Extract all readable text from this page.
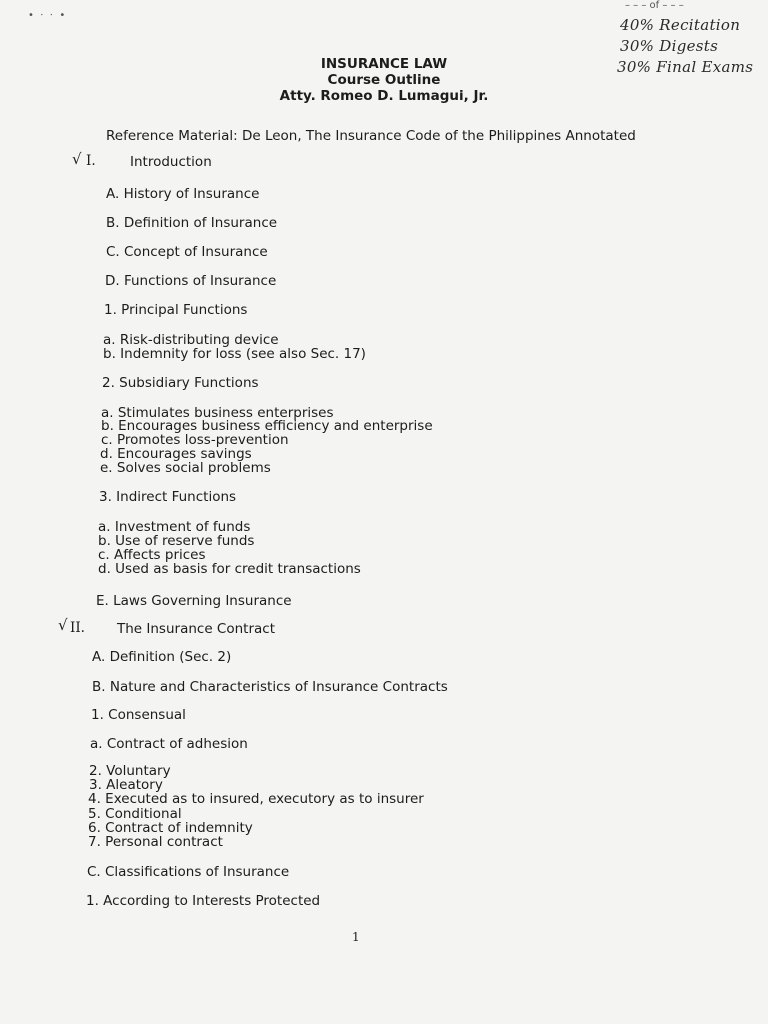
•  ⋅  ⋅  •
– – – of – – –
40% Recitation
30% Digests
30% Final Exams
INSURANCE LAW
Course Outline
Atty. Romeo D. Lumagui, Jr.
Reference Material: De Leon, The Insurance Code of the Philippines Annotated
√ I.	Introduction
A. History of Insurance
B. Definition of Insurance
C. Concept of Insurance
D. Functions of Insurance
1. Principal Functions
a. Risk-distributing device
b. Indemnity for loss (see also Sec. 17)
2. Subsidiary Functions
a. Stimulates business enterprises
b. Encourages business efficiency and enterprise
c. Promotes loss-prevention
d. Encourages savings
e. Solves social problems
3. Indirect Functions
a. Investment of funds
b. Use of reserve funds
c. Affects prices
d. Used as basis for credit transactions
E. Laws Governing Insurance
√ II. The Insurance Contract
A. Definition (Sec. 2)
B. Nature and Characteristics of Insurance Contracts
1. Consensual
a. Contract of adhesion
2. Voluntary
3. Aleatory
4. Executed as to insured, executory as to insurer
5. Conditional
6. Contract of indemnity
7. Personal contract
C. Classifications of Insurance
1. According to Interests Protected
1
